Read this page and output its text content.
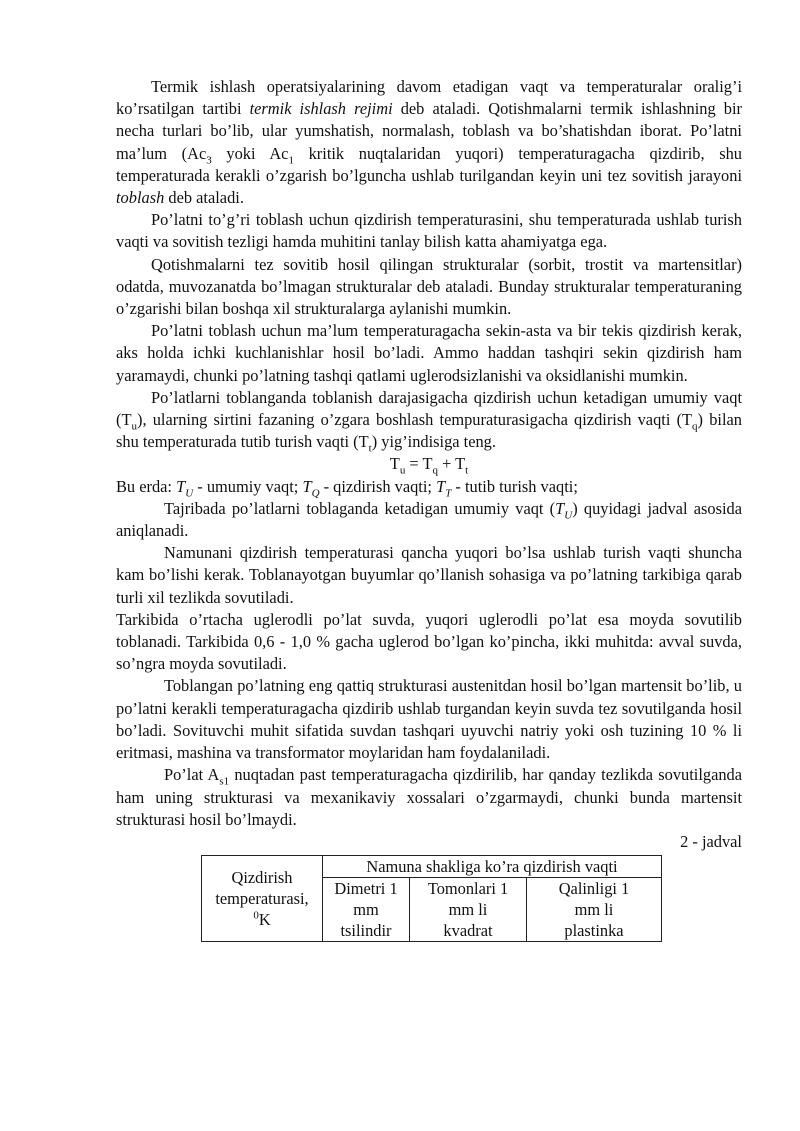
Termik ishlash operatsiyalarining davom etadigan vaqt va temperaturalar oralig’i ko’rsatilgan tartibi termik ishlash rejimi deb ataladi. Qotishmalarni termik ishlashning bir necha turlari bo’lib, ular yumshatish, normalash, toblash va bo’shatishdan iborat. Po’latni ma’lum ($Ac_3$ yoki $Ac_1$ kritik nuqtalaridan yuqori) temperaturagacha qizdirib, shu temperaturada kerakli o’zgarish bo’lguncha ushlab turilgandan keyin uni tez sovitish jarayoni toblash deb ataladi.

Po’latni to’g’ri toblash uchun qizdirish temperaturasini, shu temperaturada ushlab turish vaqti va sovitish tezligi hamda muhitini tanlay bilish katta ahamiyatga ega.

Qotishmalarni tez sovitib hosil qilingan strukturalar (sorbit, trostit va martensitlar) odatda, muvozanatda bo’lmagan strukturalar deb ataladi. Bunday strukturalar temperaturaning o’zgarishi bilan boshqa xil strukturalarga aylanishi mumkin.

Po’latni toblash uchun ma’lum temperaturagacha sekin-asta va bir tekis qizdirish kerak, aks holda ichki kuchlanishlar hosil bo’ladi. Ammo haddan tashqiri sekin qizdirish ham yaramaydi, chunki po’latning tashqi qatlami uglerodsizlanishi va oksidlanishi mumkin.

Po’latlarni toblanganda toblanish darajasigacha qizdirish uchun ketadigan umumiy vaqt $(T_u)$, ularning sirtini fazaning o’zgara boshlash tempuraturasigacha qizdirish vaqti $(T_q)$ bilan shu temperaturada tutib turish vaqti $(T_t)$ yig’indisiga teng.

$T_u = T_q + T_t$

Bu erda: $T_U$ - umumiy vaqt; $T_Q$ - qizdirish vaqti; $T_T$ - tutib turish vaqti;

Tajribada po’latlarni toblaganda ketadigan umumiy vaqt $(T_U)$ quyidagi jadval asosida aniqlanadi.

Namunani qizdirish temperaturasi qancha yuqori bo’lsa ushlab turish vaqti shuncha kam bo’lishi kerak. Toblanayotgan buyumlar qo’llanish sohasiga va po’latning tarkibiga qarab turli xil tezlikda sovutiladi.

Tarkibida o’rtacha uglerodli po’lat suvda, yuqori uglerodli po’lat esa moyda sovutilib toblanadi. Tarkibida 0,6 - 1,0 % gacha uglerod bo’lgan ko’pincha, ikki muhitda: avval suvda, so’ngra moyda sovutiladi.

Toblangan po’latning eng qattiq strukturasi austenitdan hosil bo’lgan martensit bo’lib, u po’latni kerakli temperaturagacha qizdirib ushlab turgandan keyin suvda tez sovutilganda hosil bo’ladi. Sovituvchi muhit sifatida suvdan tashqari uyuvchi natriy yoki osh tuzining 10 % li eritmasi, mashina va transformator moylaridan ham foydalaniladi.

Po’lat $A_{s1}$ nuqtadan past temperaturagacha qizdirilib, har qanday tezlikda sovutilganda ham uning strukturasi va mexanikaviy xossalari o’zgarmaydi, chunki bunda martensit strukturasi hosil bo’lmaydi.

2 - jadval

Qizdirish
temperaturasi,
$^0$K	Namuna shakliga ko’ra qizdirish vaqti		
	Dimetri 1
mm
tsilindir	Tomonlari 1
mm li
kvadrat	Qalinligi 1
mm li
plastinka
